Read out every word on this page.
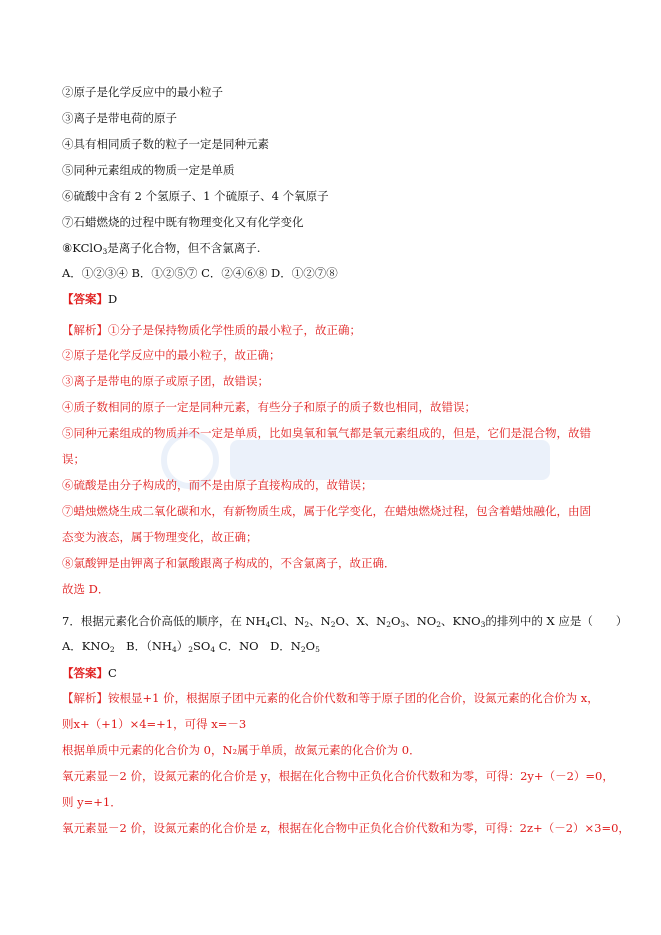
②原子是化学反应中的最小粒子
③离子是带电荷的原子
④具有相同质子数的粒子一定是同种元素
⑤同种元素组成的物质一定是单质
⑥硫酸中含有 2 个氢原子、1 个硫原子、4 个氧原子
⑦石蜡燃烧的过程中既有物理变化又有化学变化
⑧KClO$_3$是离子化合物，但不含氯离子.
A．①②③④ B．①②⑤⑦ C．②④⑥⑧ D．①②⑦⑧
【答案】D
【解析】①分子是保持物质化学性质的最小粒子，故正确；
②原子是化学反应中的最小粒子，故正确；
③离子是带电的原子或原子团，故错误；
④质子数相同的原子一定是同种元素，有些分子和原子的质子数也相同，故错误；
⑤同种元素组成的物质并不一定是单质，比如臭氧和氧气都是氧元素组成的，但是，它们是混合物，故错
误；
⑥硫酸是由分子构成的，而不是由原子直接构成的，故错误；
⑦蜡烛燃烧生成二氧化碳和水，有新物质生成，属于化学变化，在蜡烛燃烧过程，包含着蜡烛融化，由固
态变为液态，属于物理变化，故正确；
⑧氯酸钾是由钾离子和氯酸跟离子构成的，不含氯离子，故正确．
故选 D．
7．根据元素化合价高低的顺序，在 $NH_4Cl$、$N_2$、$N_2O$、X、$N_2O_3$、$NO_2$、$KNO_3$的排列中的 X 应是（　　）
A．$KNO_2$　B．$(NH_4)_2SO_4$ C．NO　D．$N_2O_5$
【答案】C
【解析】铵根显+1 价，根据原子团中元素的化合价代数和等于原子团的化合价，设氮元素的化合价为 x，
则x+（+1）×4=+1，可得 x=－3
根据单质中元素的化合价为 0，N₂属于单质，故氮元素的化合价为 0．
氧元素显－2 价，设氮元素的化合价是 y，根据在化合物中正负化合价代数和为零，可得：2y+（－2）=0，
则 y=+1．
氧元素显－2 价，设氮元素的化合价是 z，根据在化合物中正负化合价代数和为零，可得：2z+（－2）×3=0，
